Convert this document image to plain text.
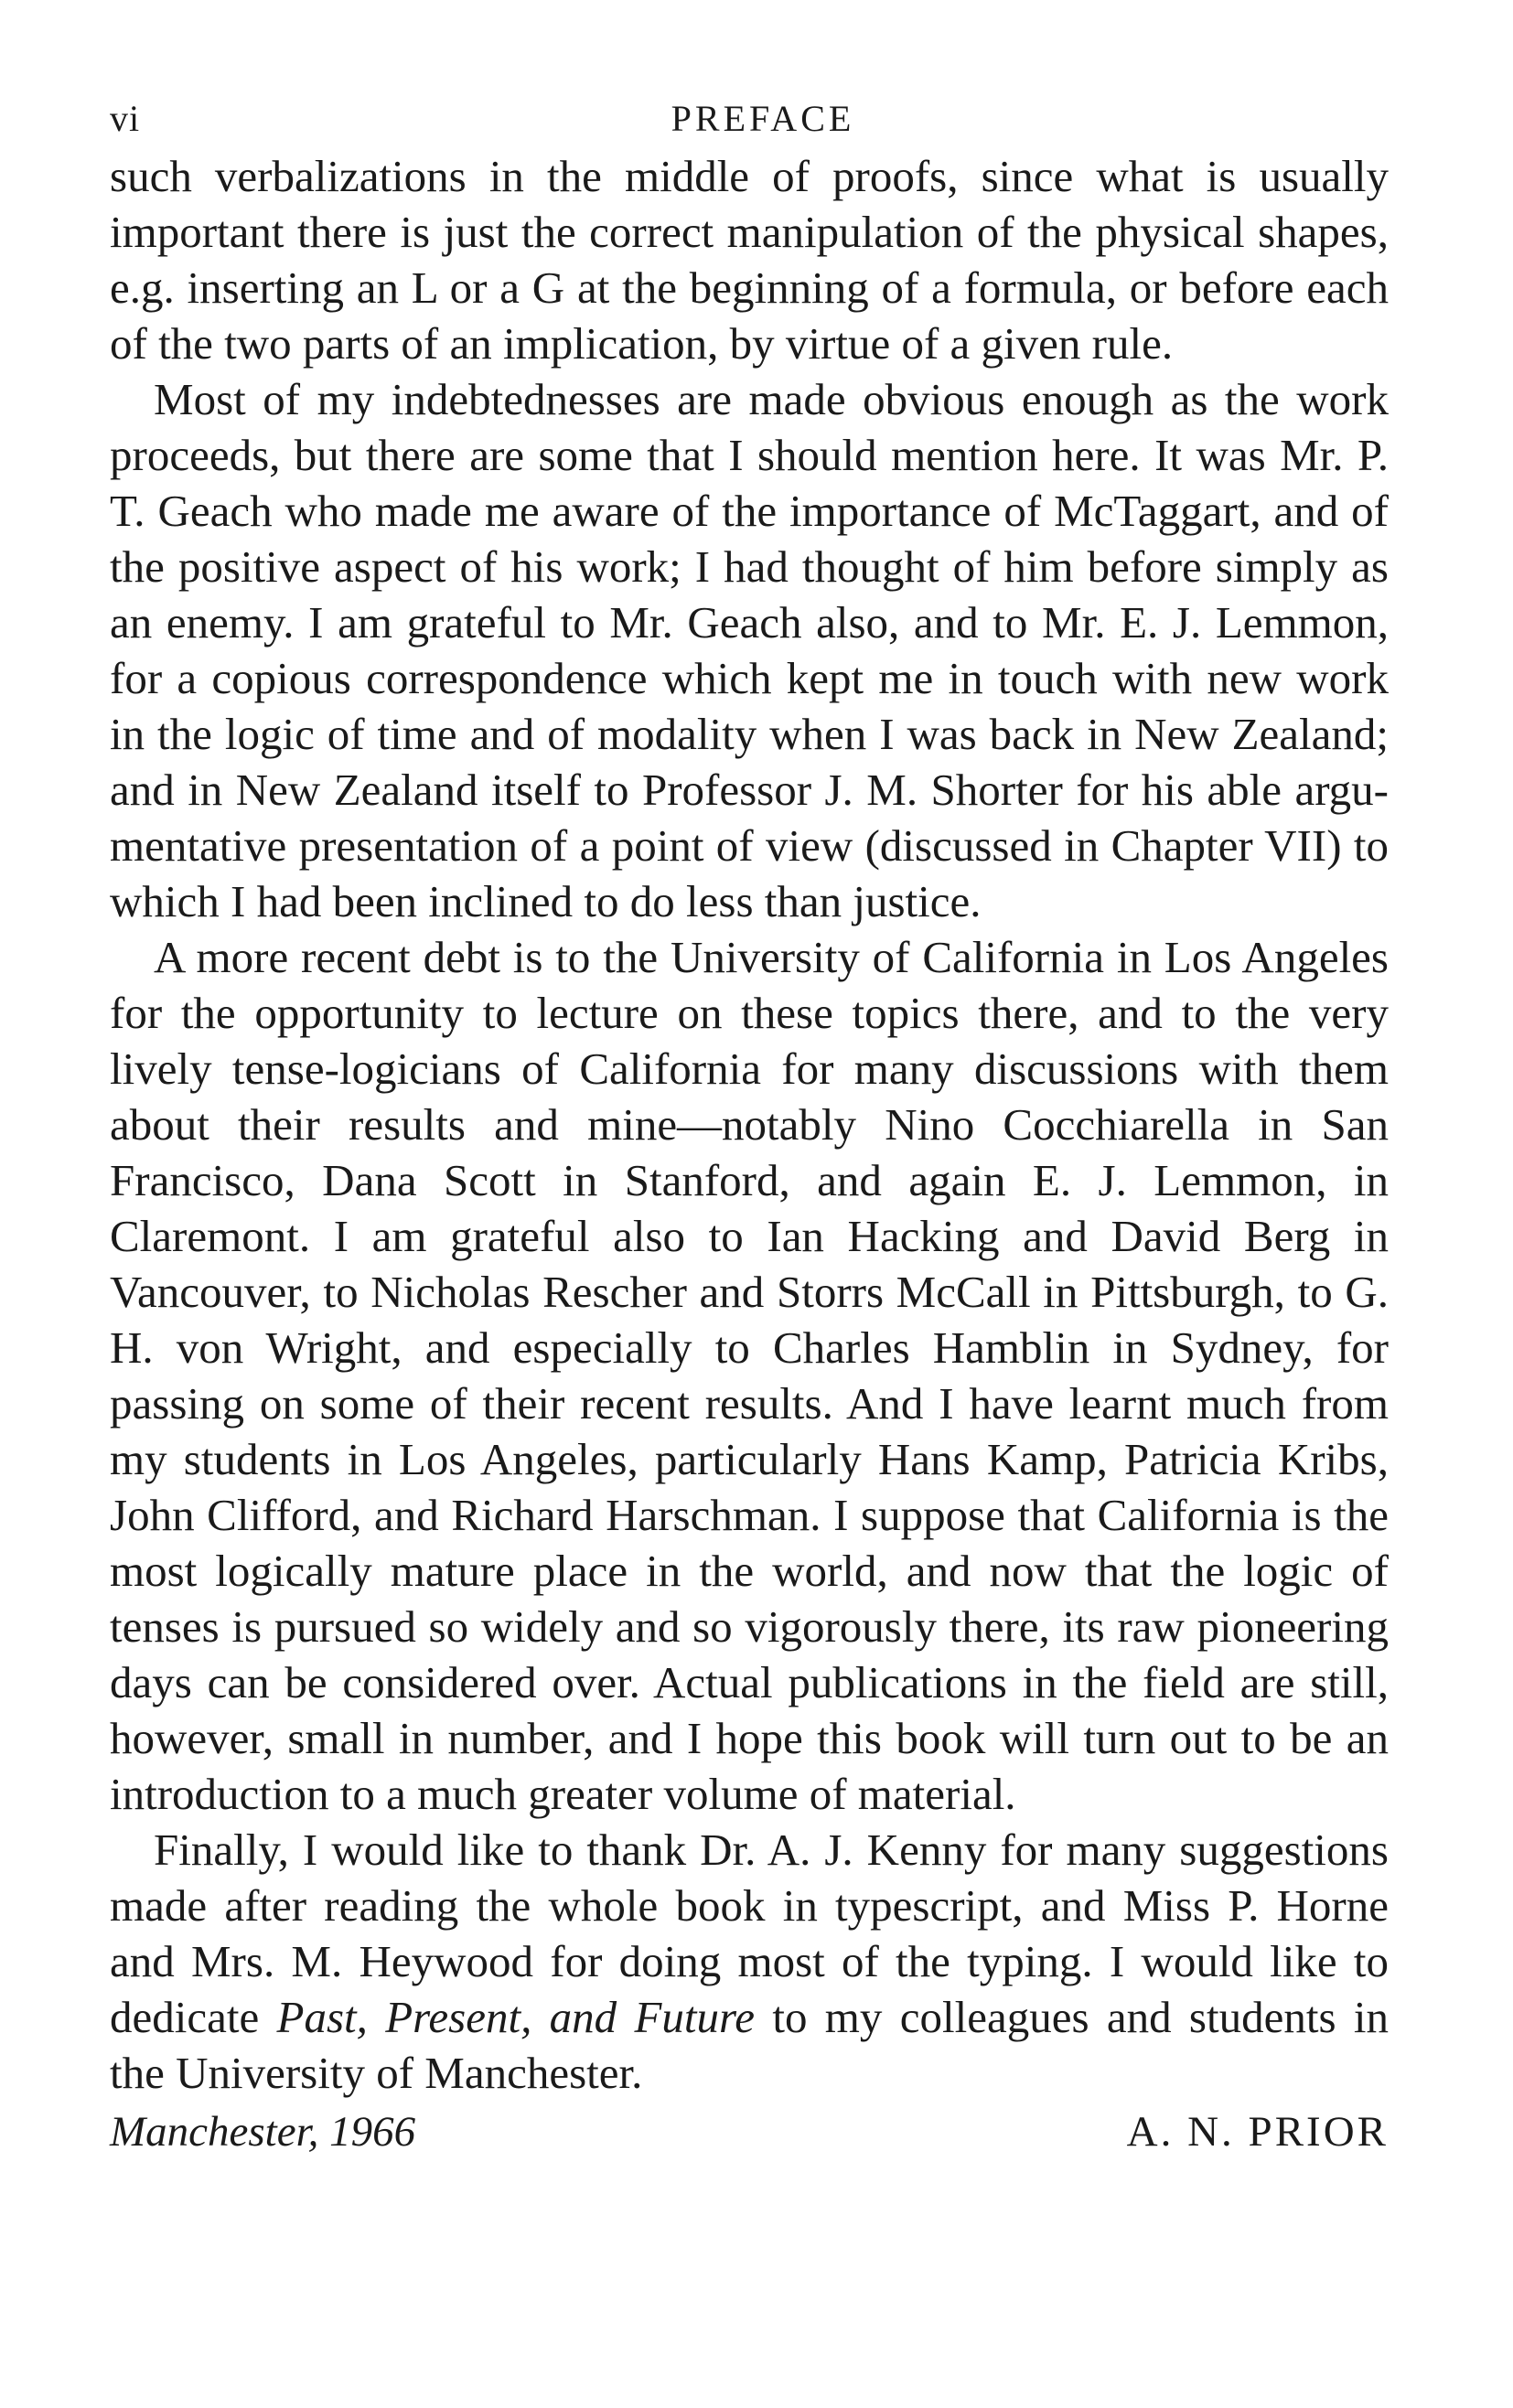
vi	PREFACE

such verbalizations in the middle of proofs, since what is usually important there is just the correct manipulation of the physical shapes, e.g. inserting an L or a G at the beginning of a formula, or before each of the two parts of an implication, by virtue of a given rule.

Most of my indebtednesses are made obvious enough as the work proceeds, but there are some that I should mention here. It was Mr. P. T. Geach who made me aware of the importance of McTaggart, and of the positive aspect of his work; I had thought of him before simply as an enemy. I am grateful to Mr. Geach also, and to Mr. E. J. Lemmon, for a copious correspondence which kept me in touch with new work in the logic of time and of modality when I was back in New Zealand; and in New Zealand itself to Professor J. M. Shorter for his able argumentative presentation of a point of view (discussed in Chapter VII) to which I had been inclined to do less than justice.

A more recent debt is to the University of California in Los Angeles for the opportunity to lecture on these topics there, and to the very lively tense-logicians of California for many discussions with them about their results and mine—notably Nino Cocchiarella in San Francisco, Dana Scott in Stanford, and again E. J. Lemmon, in Claremont. I am grateful also to Ian Hacking and David Berg in Vancouver, to Nicholas Rescher and Storrs McCall in Pittsburgh, to G. H. von Wright, and especially to Charles Hamblin in Sydney, for passing on some of their recent results. And I have learnt much from my students in Los Angeles, particularly Hans Kamp, Patricia Kribs, John Clifford, and Richard Harschman. I suppose that California is the most logically mature place in the world, and now that the logic of tenses is pursued so widely and so vigorously there, its raw pioneering days can be considered over. Actual publications in the field are still, however, small in number, and I hope this book will turn out to be an introduction to a much greater volume of material.

Finally, I would like to thank Dr. A. J. Kenny for many suggestions made after reading the whole book in typescript, and Miss P. Horne and Mrs. M. Heywood for doing most of the typing. I would like to dedicate Past, Present, and Future to my colleagues and students in the University of Manchester.

Manchester, 1966	A. N. PRIOR
